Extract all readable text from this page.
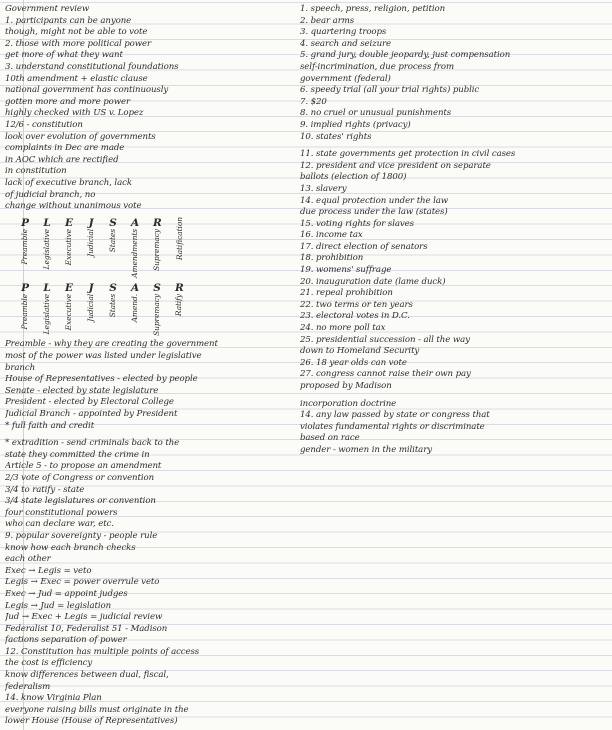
Government review
1. participants can be anyone
though, might not be able to vote
2. those with more political power
get more of what they want
3. understand constitutional foundations
10th amendment + elastic clause
national government has continuously
gotten more and more power
highly checked with US v. Lopez
12/6 - constitution
look over evolution of governments
complaints in Dec are made
in AOC which are rectified
in constitution
lack of executive branch, lack
of judicial branch, no
change without unanimous vote
P
Preamble
L
Legislative
E
Executive
J
Judicial
S
States
A
Amendments
R
Supremacy Ratification
P
Preamble
L
Legislative
E
Executive
J
Judicial
S
States
A
Amend.
S
Supremacy
R
Ratify
Preamble - why they are creating the government
most of the power was listed under legislative
branch
House of Representatives - elected by people
Senate - elected by state legislature
President - elected by Electoral College
Judicial Branch - appointed by President
* full faith and credit
* extradition - send criminals back to the
state they committed the crime in
Article 5 - to propose an amendment
2/3 vote of Congress or convention
3/4 to ratify - state
3/4 state legislatures or convention
four constitutional powers
who can declare war, etc.
9. popular sovereignty - people rule
know how each branch checks
each other
Exec → Legis = veto
Legis → Exec = power overrule veto
Exec → Jud = appoint judges
Legis → Jud = legislation
Jud → Exec + Legis = judicial review
Federalist 10, Federalist 51 - Madison
factions separation of power
12. Constitution has multiple points of access
the cost is efficiency
know differences between dual, fiscal,
federalism
14. know Virginia Plan
everyone raising bills must originate in the
lower House (House of Representatives)
1. speech, press, religion, petition
2. bear arms
3. quartering troops
4. search and seizure
5. grand jury, double jeopardy, just compensation
self-incrimination, due process from
government (federal)
6. speedy trial (all your trial rights) public
7. $20
8. no cruel or unusual punishments
9. implied rights (privacy)
10. states' rights
11. state governments get protection in civil cases
12. president and vice president on separate
ballots (election of 1800)
13. slavery
14. equal protection under the law
due process under the law (states)
15. voting rights for slaves
16. income tax
17. direct election of senators
18. prohibition
19. womens' suffrage
20. inauguration date (lame duck)
21. repeal prohibition
22. two terms or ten years
23. electoral votes in D.C.
24. no more poll tax
25. presidential succession - all the way
down to Homeland Security
26. 18 year olds can vote
27. congress cannot raise their own pay
proposed by Madison
incorporation doctrine
14. any law passed by state or congress that
violates fundamental rights or discriminate
based on race
gender - women in the military
